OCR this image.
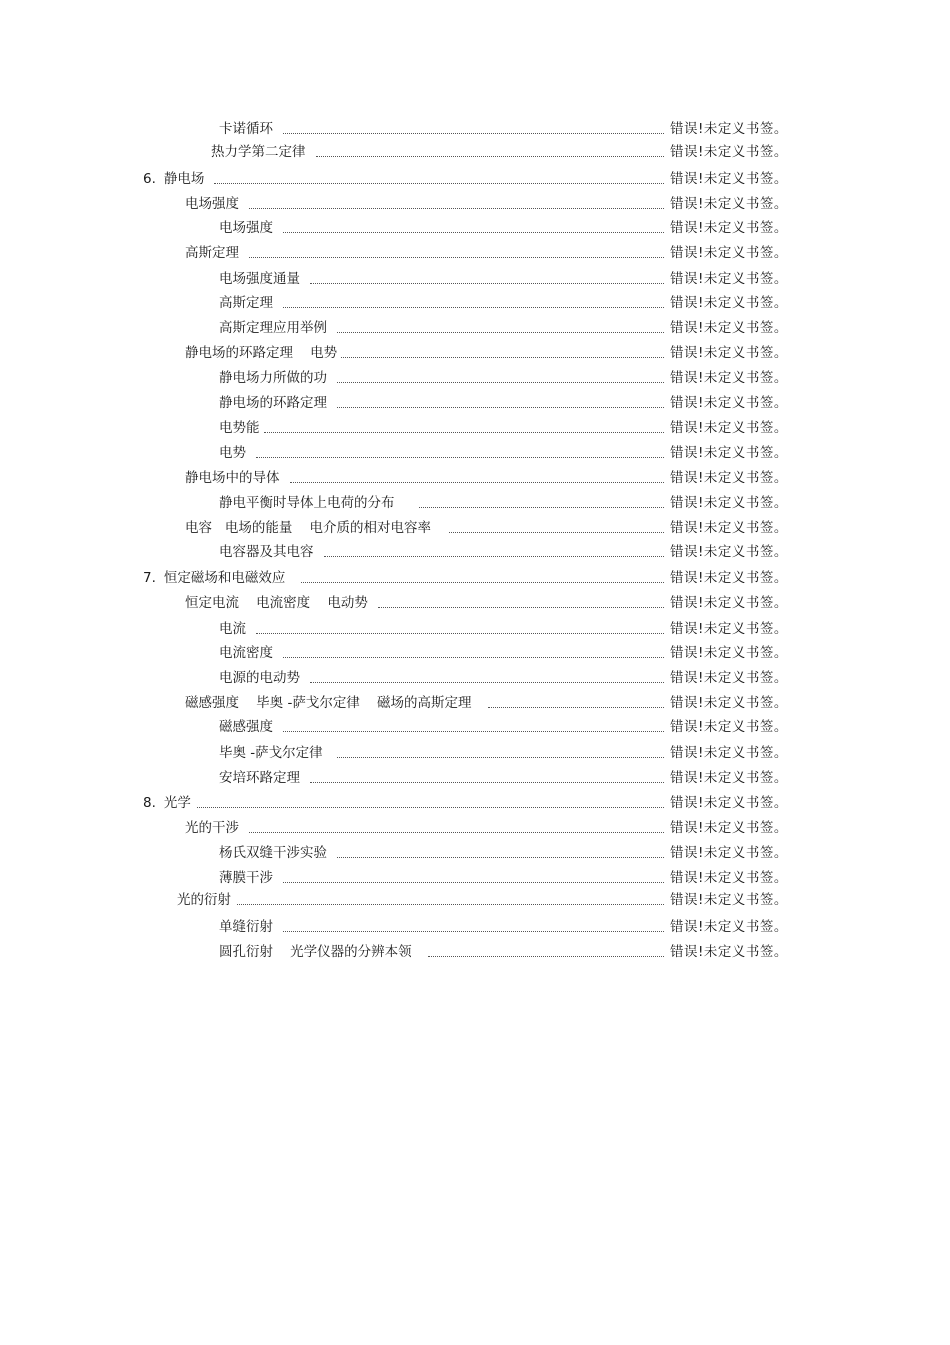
卡诺循环	错误!未定义书签。
热力学第二定律	错误!未定义书签。
6. 静电场	错误!未定义书签。
电场强度	错误!未定义书签。
电场强度	错误!未定义书签。
高斯定理	错误!未定义书签。
电场强度通量	错误!未定义书签。
高斯定理	错误!未定义书签。
高斯定理应用举例	错误!未定义书签。
静电场的环路定理    电势	错误!未定义书签。
静电场力所做的功	错误!未定义书签。
静电场的环路定理	错误!未定义书签。
电势能	错误!未定义书签。
电势	错误!未定义书签。
静电场中的导体	错误!未定义书签。
静电平衡时导体上电荷的分布	错误!未定义书签。
电容   电场的能量    电介质的相对电容率	错误!未定义书签。
电容器及其电容	错误!未定义书签。
7. 恒定磁场和电磁效应	错误!未定义书签。
恒定电流    电流密度    电动势	错误!未定义书签。
电流	错误!未定义书签。
电流密度	错误!未定义书签。
电源的电动势	错误!未定义书签。
磁感强度    毕奥 -萨戈尔定律    磁场的高斯定理	错误!未定义书签。
磁感强度	错误!未定义书签。
毕奥 -萨戈尔定律	错误!未定义书签。
安培环路定理	错误!未定义书签。
8. 光学	错误!未定义书签。
光的干涉	错误!未定义书签。
杨氏双缝干涉实验	错误!未定义书签。
薄膜干涉	错误!未定义书签。
光的衍射	错误!未定义书签。
单缝衍射	错误!未定义书签。
圆孔衍射    光学仪器的分辨本领	错误!未定义书签。
